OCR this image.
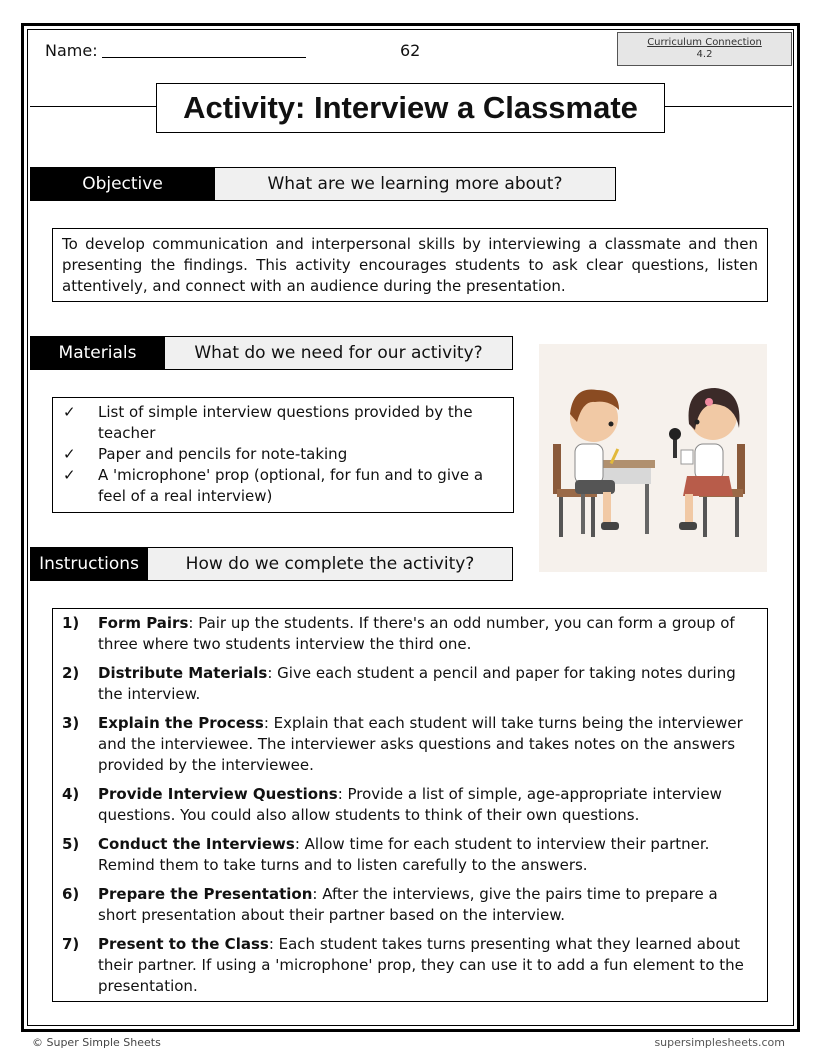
Name:	62	Curriculum Connection
4.2
Activity: Interview a Classmate
Objective	What are we learning more about?
To develop communication and interpersonal skills by interviewing a classmate and then presenting the findings. This activity encourages students to ask clear questions, listen attentively, and connect with an audience during the presentation.
Materials	What do we need for our activity?
✓ List of simple interview questions provided by the teacher
✓ Paper and pencils for note-taking
✓ A 'microphone' prop (optional, for fun and to give a feel of a real interview)
Instructions	How do we complete the activity?
1) Form Pairs: Pair up the students. If there's an odd number, you can form a group of three where two students interview the third one.
2) Distribute Materials: Give each student a pencil and paper for taking notes during the interview.
3) Explain the Process: Explain that each student will take turns being the interviewer and the interviewee. The interviewer asks questions and takes notes on the answers provided by the interviewee.
4) Provide Interview Questions: Provide a list of simple, age-appropriate interview questions. You could also allow students to think of their own questions.
5) Conduct the Interviews: Allow time for each student to interview their partner. Remind them to take turns and to listen carefully to the answers.
6) Prepare the Presentation: After the interviews, give the pairs time to prepare a short presentation about their partner based on the interview.
7) Present to the Class: Each student takes turns presenting what they learned about their partner. If using a 'microphone' prop, they can use it to add a fun element to the presentation.
© Super Simple Sheets	supersimplesheets.com
